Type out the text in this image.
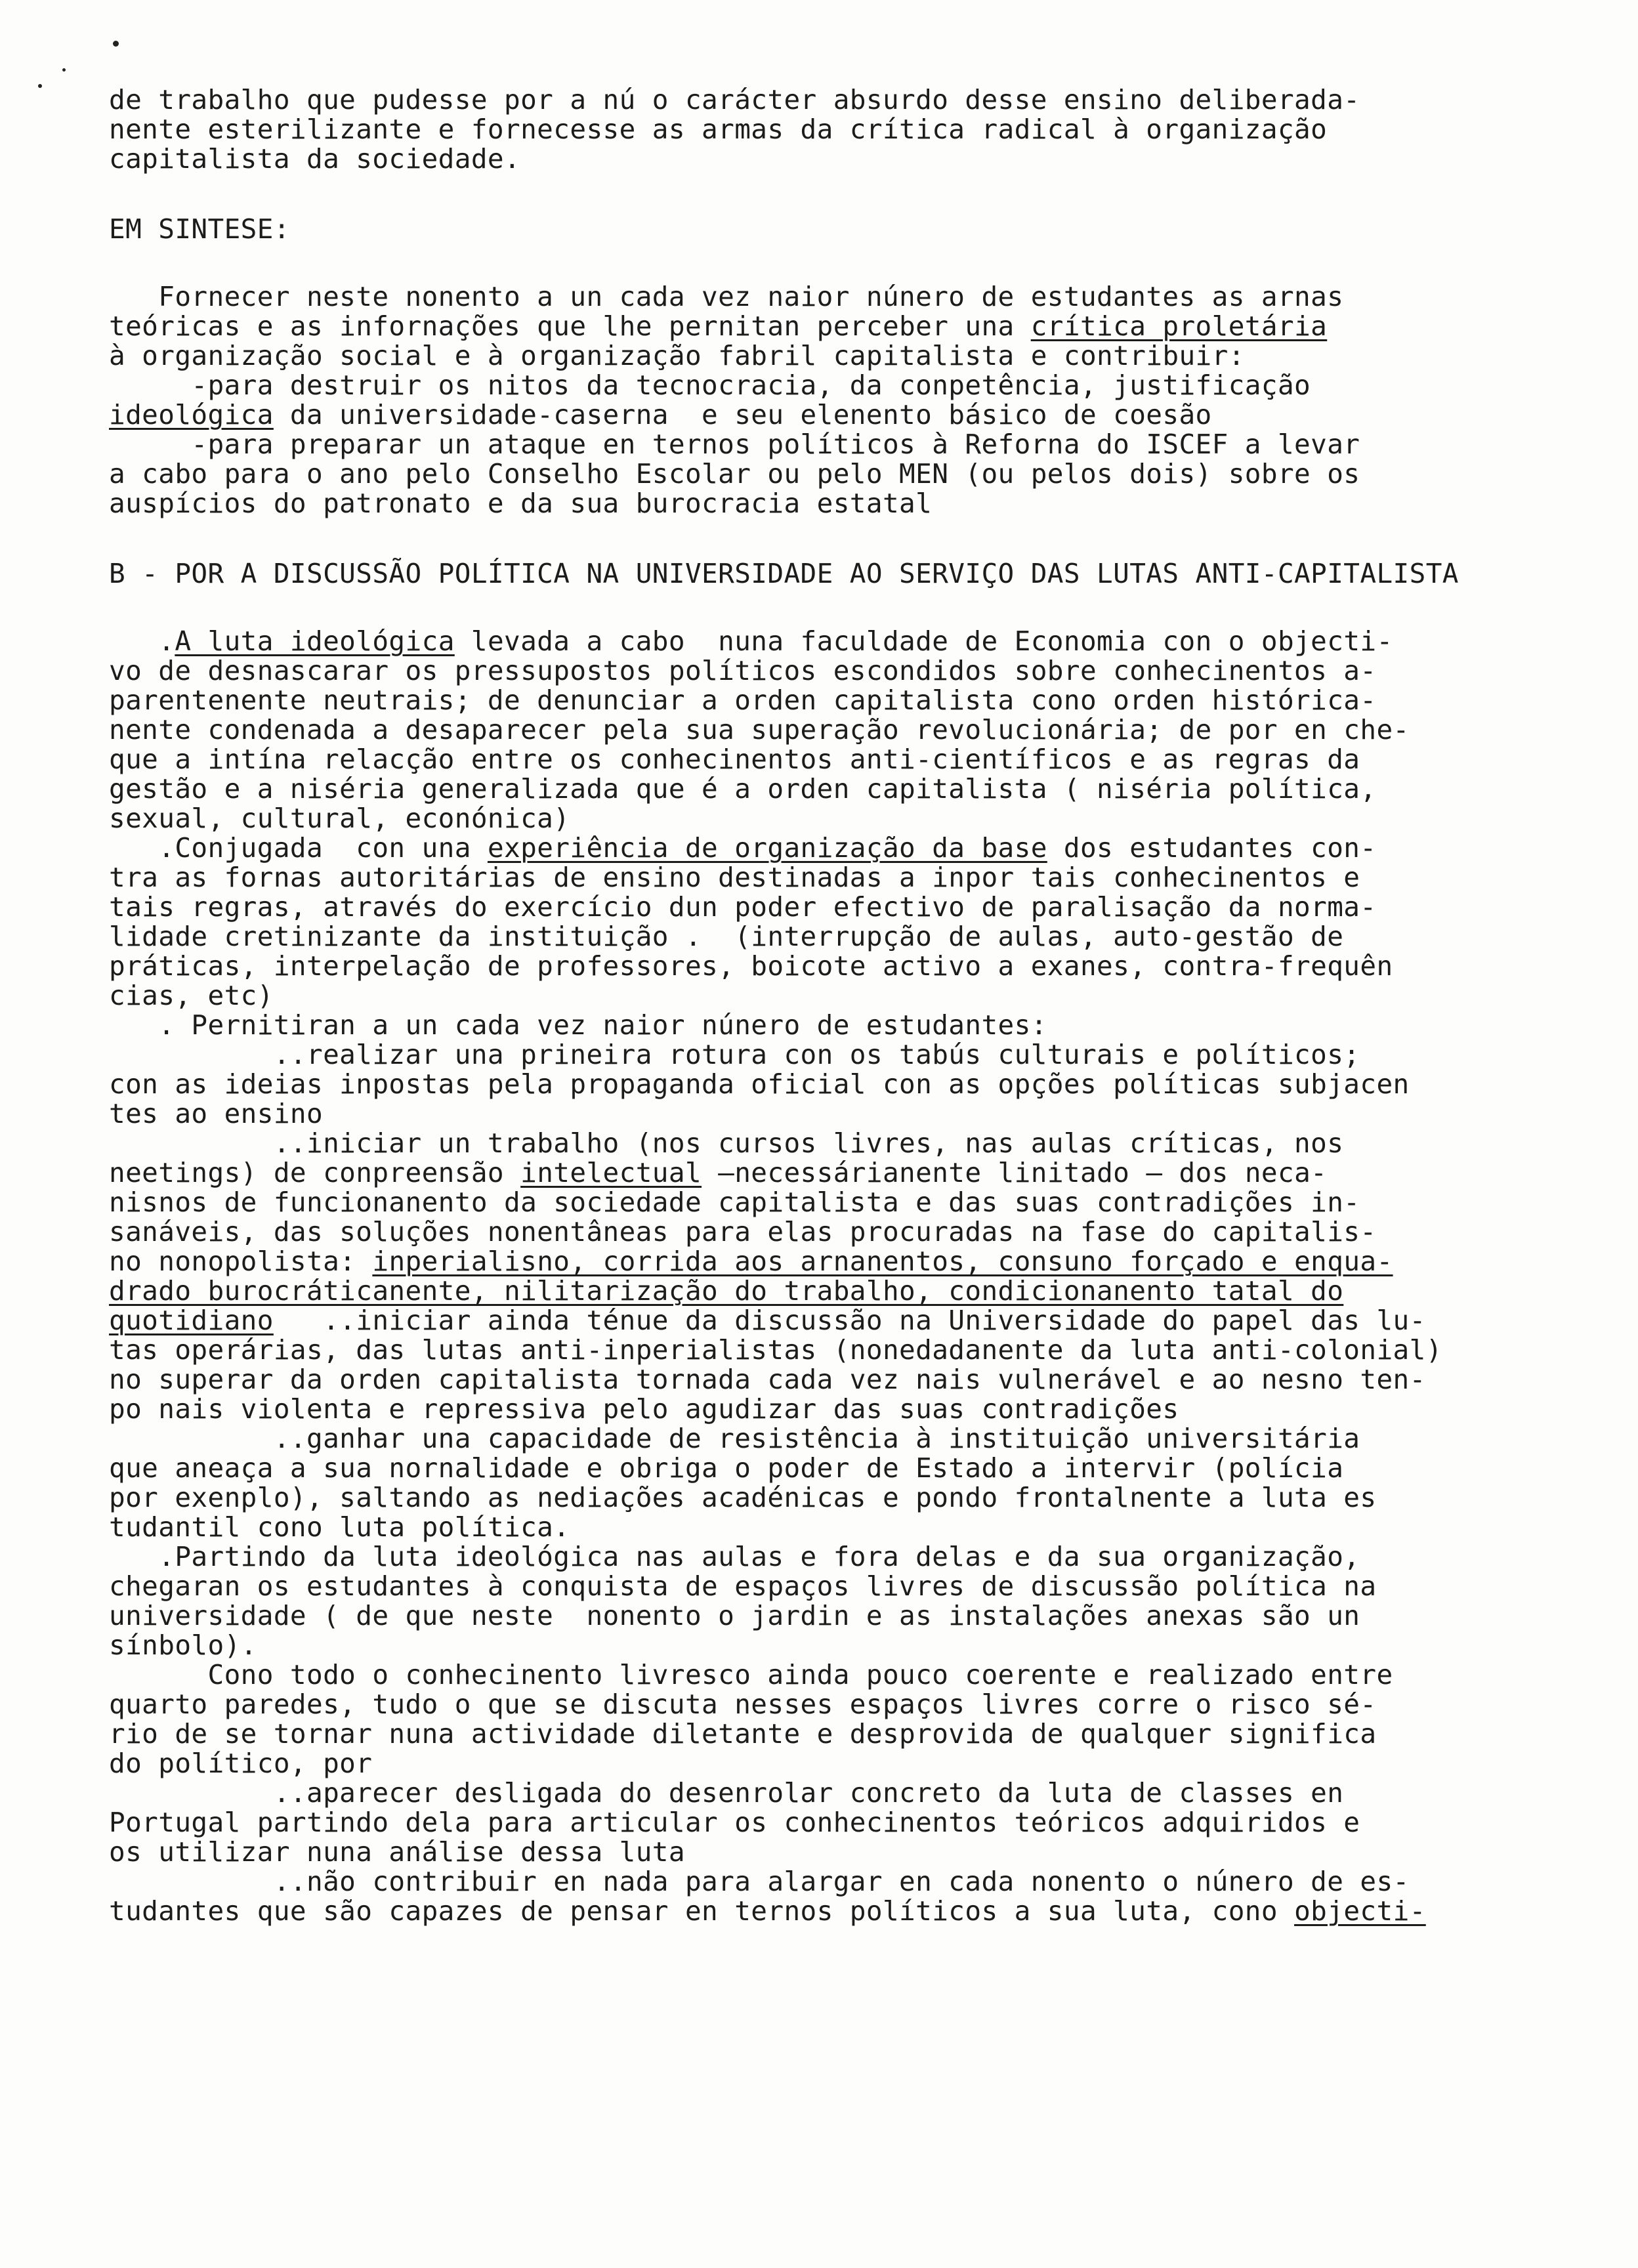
de trabalho que pudesse por a nú o carácter absurdo desse ensino deliberada-
nente esterilizante e fornecesse as armas da crítica radical à organização
capitalista da sociedade.
EM SINTESE:
Fornecer neste nonento a un cada vez naior núnero de estudantes as arnas
teóricas e as infornações que lhe pernitan perceber una crítica proletária
à organização social e à organização fabril capitalista e contribuir:
-para destruir os nitos da tecnocracia, da conpetência, justificação
ideológica da universidade-caserna  e seu elenento básico de coesão
-para preparar un ataque en ternos políticos à Reforna do ISCEF a levar
a cabo para o ano pelo Conselho Escolar ou pelo MEN (ou pelos dois) sobre os
auspícios do patronato e da sua burocracia estatal
B - POR A DISCUSSÃO POLÍTICA NA UNIVERSIDADE AO SERVIÇO DAS LUTAS ANTI-CAPITALISTA
.A luta ideológica levada a cabo  nuna faculdade de Economia con o objecti-
vo de desnascarar os pressupostos políticos escondidos sobre conhecinentos a-
parentenente neutrais; de denunciar a orden capitalista cono orden históricа-
nente condenada a desaparecer pela sua superação revolucionária; de por en che-
que a intína relacção entre os conhecinentos anti-científicos e as regras da
gestão e a niséria generalizada que é a orden capitalista ( niséria política,
sexual, cultural, econónica)
.Conjugada  con una experiência de organização da base dos estudantes con-
tra as fornas autoritárias de ensino destinadas a inpor tais conhecinentos e
tais regras, através do exercício dun poder efectivo de paralisação da norma-
lidade cretinizante da instituição .  (interrupção de aulas, auto-gestão de
práticas, interpelação de professores, boicote activo a exanes, contra-frequên
cias, etc)
. Pernitiran a un cada vez naior núnero de estudantes:
..realizar una prineira rotura con os tabús culturais e políticos;
con as ideias inpostas pela propaganda oficial con as opções políticas subjacen
tes ao ensino
..iniciar un trabalho (nos cursos livres, nas aulas críticas, nos
neetings) de conpreensão intelectual —necessárianente linitado — dos neca-
nisnos de funcionanento da sociedade capitalista e das suas contradições in-
sanáveis, das soluções nonentâneas para elas procuradas na fase do capitalis-
no nonopolista: inperialisno, corrida aos arnanentos, consuno forçado e enqua-
drado burocráticanente, nilitarização do trabalho, condicionanento tatal do
quotidiano   ..iniciar ainda ténue da discussão na Universidade do papel das lu-
tas operárias, das lutas anti-inperialistas (nonedadanente da luta anti-colonial)
no superar da orden capitalista tornada cada vez nais vulnerável e ao nesno ten-
po nais violenta e repressiva pelo agudizar das suas contradições
..ganhar una capacidade de resistência à instituição universitária
que aneaça a sua nornalidade e obriga o poder de Estado a intervir (polícia
por exenplo), saltando as nediações acadénicas e pondo frontalnente a luta es
tudantil cono luta política.
.Partindo da luta ideológica nas aulas e fora delas e da sua organização,
chegaran os estudantes à conquista de espaços livres de discussão política na
universidade ( de que neste  nonento o jardin e as instalações anexas são un
sínbolo).
Cono todo o conhecinento livresco ainda pouco coerente e realizado entre
quarto paredes, tudo o que se discuta nesses espaços livres corre o risco sé-
rio de se tornar nuna actividade diletante e desprovida de qualquer significa
do político, por
..aparecer desligada do desenrolar concreto da luta de classes en
Portugal partindo dela para articular os conhecinentos teóricos adquiridos e
os utilizar nuna análise dessa luta
..não contribuir en nada para alargar en cada nonento o núnero de es-
tudantes que são capazes de pensar en ternos políticos a sua luta, cono objecti-
